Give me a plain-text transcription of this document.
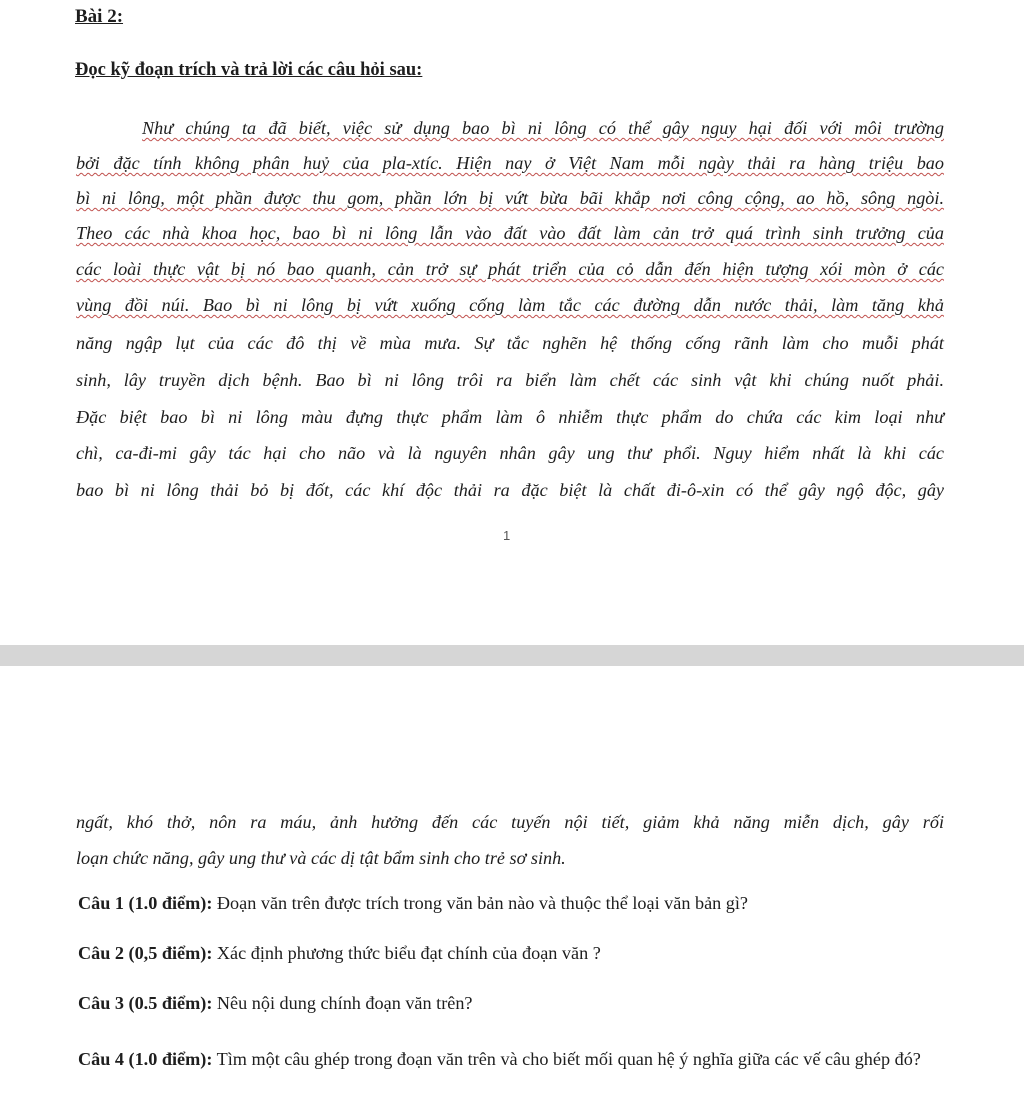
Bài 2:
Đọc kỹ đoạn trích và trả lời các câu hỏi sau:
Như chúng ta đã biết, việc sử dụng bao bì ni lông có thể gây nguy hại đối với môi trường
bởi đặc tính không phân huỷ của pla-xtíc. Hiện nay ở Việt Nam mỗi ngày thải ra hàng triệu bao
bì ni lông, một phần được thu gom, phần lớn bị vứt bừa bãi khắp nơi công cộng, ao hồ, sông ngòi.
Theo các nhà khoa học, bao bì ni lông lẫn vào đất vào đất làm cản trở quá trình sinh trưởng của
các loài thực vật bị nó bao quanh, cản trở sự phát triển của cỏ dẫn đến hiện tượng xói mòn ở các
vùng đồi núi. Bao bì ni lông bị vứt xuống cống làm tắc các đường dẫn nước thải, làm tăng khả
năng ngập lụt của các đô thị về mùa mưa. Sự tắc nghẽn hệ thống cống rãnh làm cho muỗi phát
sinh, lây truyền dịch bệnh. Bao bì ni lông trôi ra biển làm chết các sinh vật khi chúng nuốt phải.
Đặc biệt bao bì ni lông màu đựng thực phẩm làm ô nhiễm thực phẩm do chứa các kim loại như
chì, ca-đi-mi gây tác hại cho não và là nguyên nhân gây ung thư phổi. Nguy hiểm nhất là khi các
bao bì ni lông thải bỏ bị đốt, các khí độc thải ra đặc biệt là chất đi-ô-xin có thể gây ngộ độc, gây
1
ngất, khó thở, nôn ra máu, ảnh hưởng đến các tuyến nội tiết, giảm khả năng miễn dịch, gây rối
loạn chức năng, gây ung thư và các dị tật bẩm sinh cho trẻ sơ sinh.
Câu 1 (1.0 điểm): Đoạn văn trên được trích trong văn bản nào và thuộc thể loại văn bản gì?
Câu 2 (0,5 điểm): Xác định phương thức biểu đạt chính của đoạn văn ?
Câu 3 (0.5 điểm): Nêu nội dung chính đoạn văn trên?
Câu 4 (1.0 điểm): Tìm một câu ghép trong đoạn văn trên và cho biết mối quan hệ ý nghĩa giữa các vế câu ghép đó?
